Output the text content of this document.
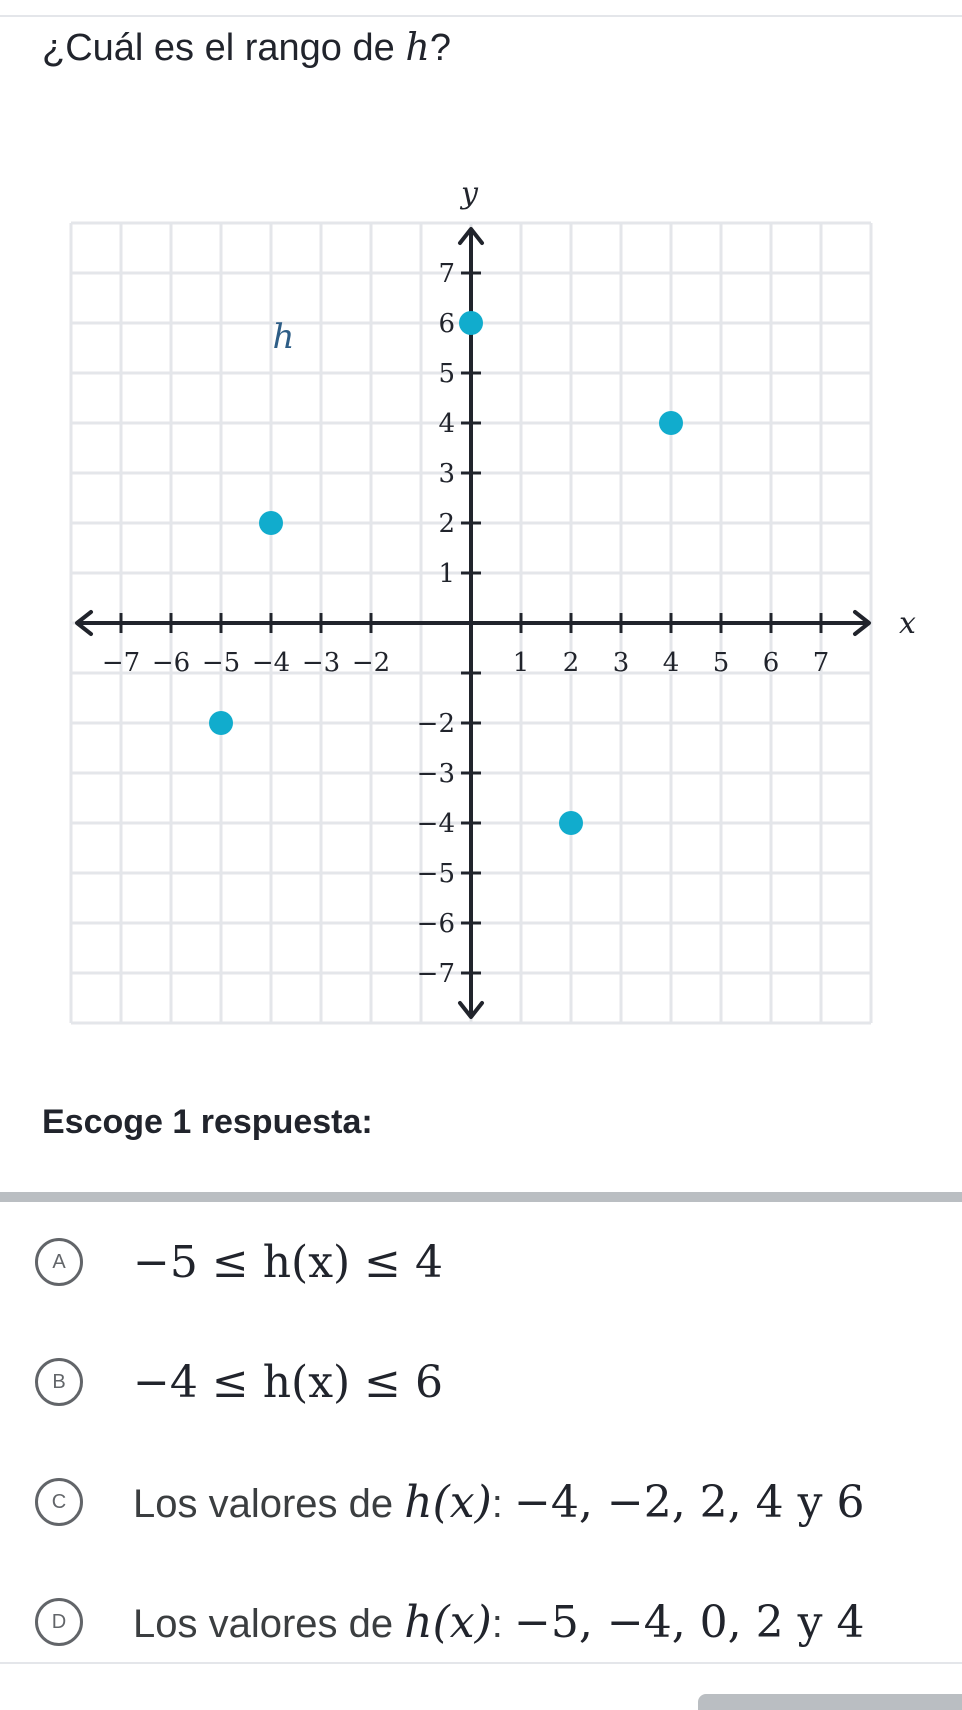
¿Cuál es el rango de h?
x
y
−7 −6 −5 −4 −3 −2	1 2 3 4 5 6 7
−7
−6
−5
−4
−3
−2
1
2
3
4
5
6
7
h
Escoge 1 respuesta:
A	−5 ≤ h(x) ≤ 4
B	−4 ≤ h(x) ≤ 6
C	Los valores de h(x): −4, −2, 2, 4 y 6
D	Los valores de h(x): −5, −4, 0, 2 y 4
